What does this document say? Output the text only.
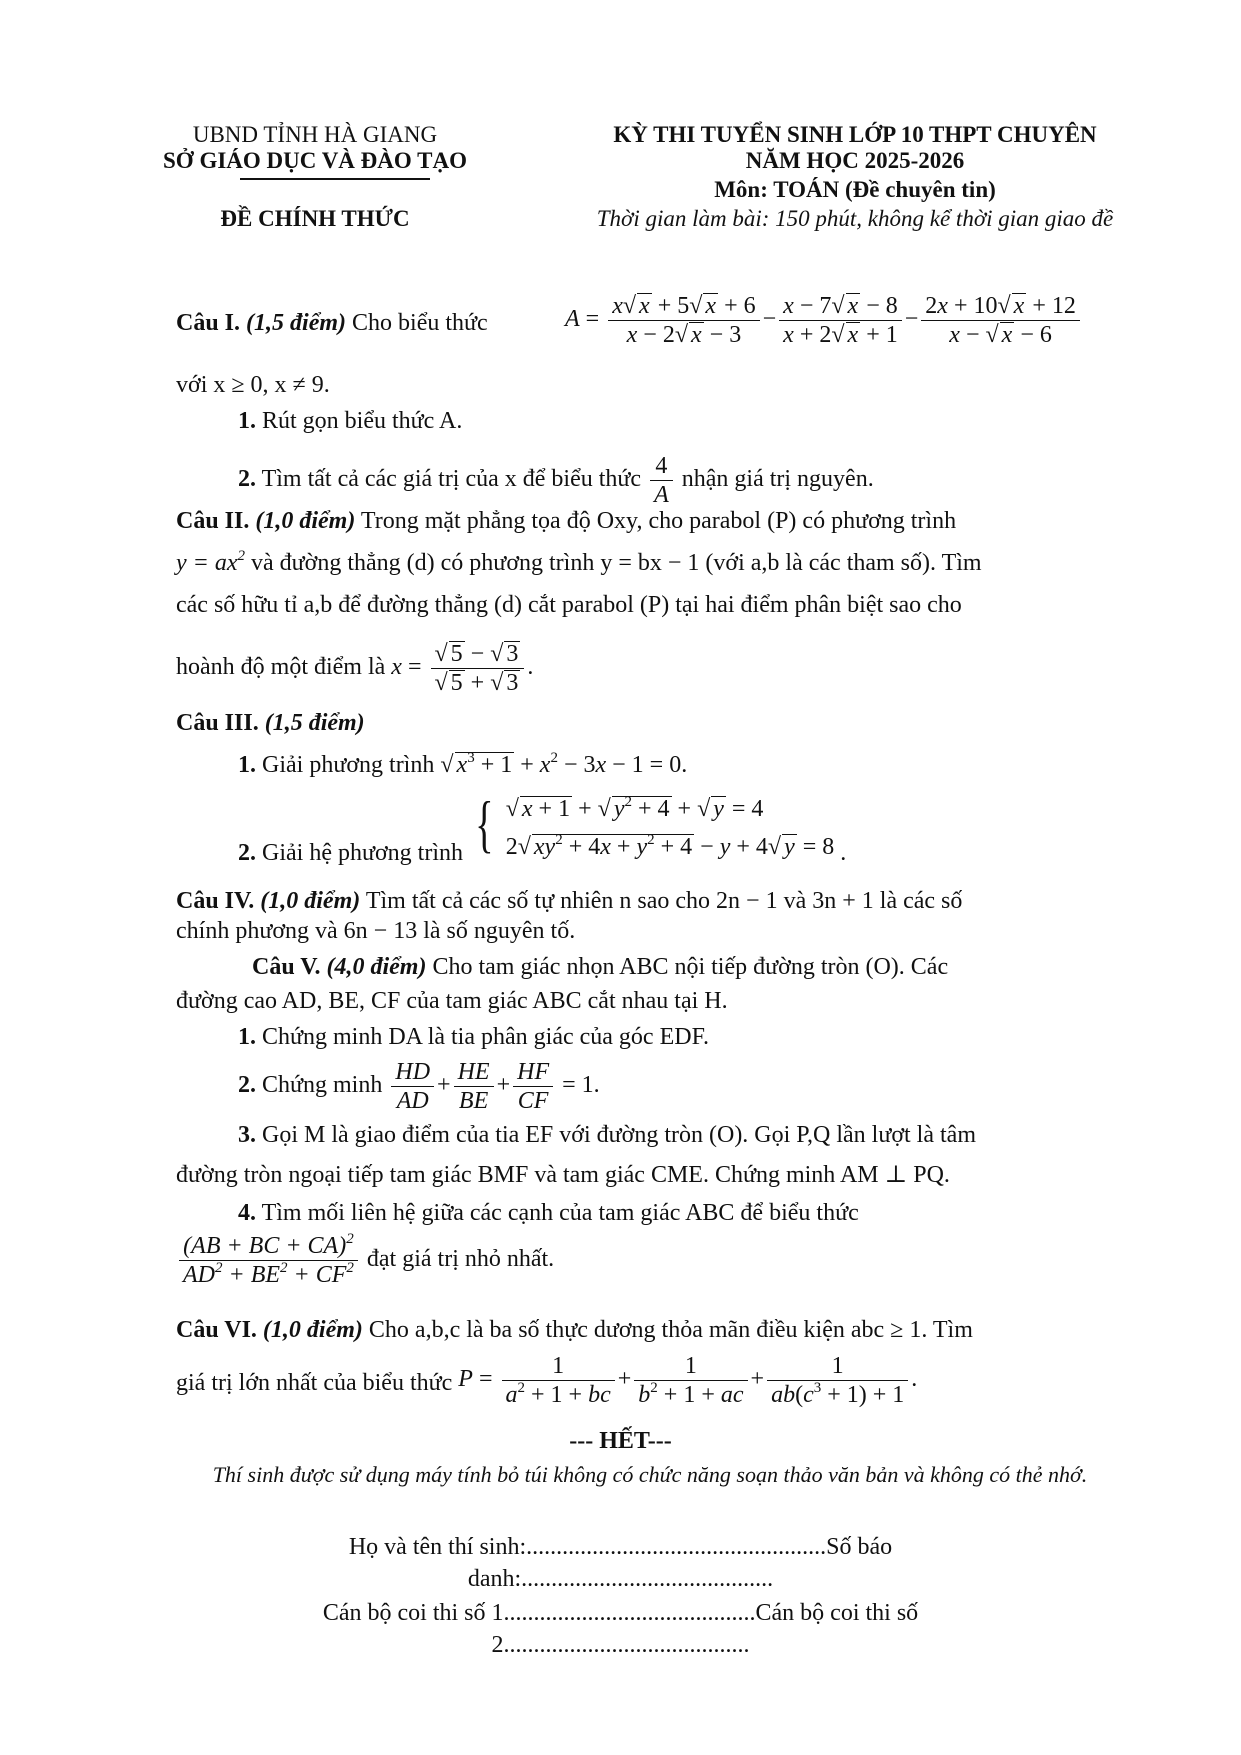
UBND TỈNH HÀ GIANG
SỞ GIÁO DỤC VÀ ĐÀO TẠO
ĐỀ CHÍNH THỨC
KỲ THI TUYỂN SINH LỚP 10 THPT CHUYÊN
NĂM HỌC 2025-2026
Môn: TOÁN (Đề chuyên tin)
Thời gian làm bài: 150 phút, không kể thời gian giao đề
Câu I. (1,5 điểm) Cho biểu thức	$A = \frac{x√ x + 5√ x + 6}{x - 2√ x - 3} - \frac{x - 7√ x - 8}{x + 2√ x + 1} - \frac{2x + 10√ x + 12}{x - √x - 6}$
với x ≥ 0, x ≠ 9.
1. Rút gọn biểu thức A.
2. Tìm tất cả các giá trị của x để biểu thức $\frac{4}{A}$ nhận giá trị nguyên.
Câu II. (1,0 điểm) Trong mặt phẳng tọa độ Oxy, cho parabol (P) có phương trình
$y = ax^2$ và đường thẳng (d) có phương trình y = bx − 1 (với a,b là các tham số). Tìm
các số hữu tỉ a,b để đường thẳng (d) cắt parabol (P) tại hai điểm phân biệt sao cho
hoành độ một điểm là x =
√ 5 − √3
√5 + √3 .
Câu III. (1,5 điểm)
1. Giải phương trình √ $x^3 + 1 + x^2 - 3x - 1 = 0$.
2. Giải hệ phương trình {
√	$x + 1 + √y^2 + 4 + √y = 4$
2√ $xy^2 + 4x + y^2 + 4 - y + 4√$ y = 8 .
Câu IV. (1,0 điểm) Tìm tất cả các số tự nhiên n sao cho 2n − 1 và 3n + 1 là các số
chính phương và 6n − 13 là số nguyên tố.
Câu V. (4,0 điểm) Cho tam giác nhọn ABC nội tiếp đường tròn (O). Các
đường cao AD, BE, CF của tam giác ABC cắt nhau tại H.
1. Chứng minh DA là tia phân giác của góc EDF.
2. Chứng minh $\frac{HD}{AD} + \frac{HE}{BE} + \frac{HF}{CF} = 1$.
3. Gọi M là giao điểm của tia EF với đường tròn (O). Gọi P,Q lần lượt là tâm
đường tròn ngoại tiếp tam giác BMF và tam giác CME. Chứng minh AM ⊥ PQ.
4. Tìm mối liên hệ giữa các cạnh của tam giác ABC để biểu thức
$\frac{(AB + BC + CA)^2}{AD^2 + BE^2 + CF^2}$ đạt giá trị nhỏ nhất.
Câu VI. (1,0 điểm) Cho a,b,c là ba số thực dương thỏa mãn điều kiện abc ≥ 1. Tìm
giá trị lớn nhất của biểu thức $P = \frac{1}{a^2 + 1 + bc} + \frac{1}{b^2 + 1 + ac} + \frac{1}{ab(c^3 + 1) + 1}$ .
--- HẾT---
Thí sinh được sử dụng máy tính bỏ túi không có chức năng soạn thảo văn bản và không có thẻ nhớ.
Họ và tên thí sinh:..................................................Số báo
danh:..........................................
Cán bộ coi thi số 1..........................................Cán bộ coi thi số
2.........................................
